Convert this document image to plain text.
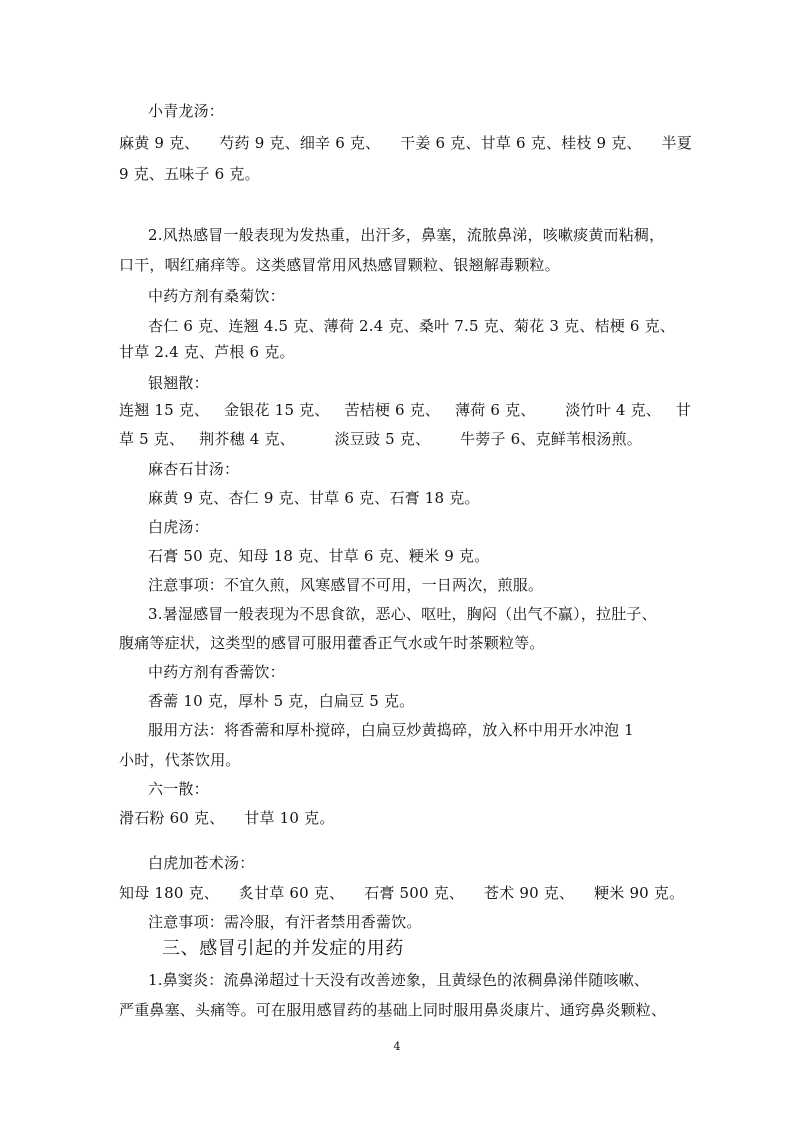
小青龙汤：
麻黄 9 克、    芍药 9 克、细辛 6 克、    干姜 6 克、甘草 6 克、桂枝 9 克、    半夏
9 克、五味子 6 克。
2.风热感冒一般表现为发热重，出汗多，鼻塞，流脓鼻涕，咳嗽痰黄而粘稠，
口干，咽红痛痒等。这类感冒常用风热感冒颗粒、银翘解毒颗粒。
中药方剂有桑菊饮：
杏仁 6 克、连翘 4.5 克、薄荷 2.4 克、桑叶 7.5 克、菊花 3 克、桔梗 6 克、
甘草 2.4 克、芦根 6 克。
银翘散：
连翘 15 克、   金银花 15 克、   苦桔梗 6 克、   薄荷 6 克、      淡竹叶 4 克、   甘
草 5 克、   荆芥穗 4 克、        淡豆豉 5 克、      牛蒡子 6、克鲜苇根汤煎。
麻杏石甘汤：
麻黄 9 克、杏仁 9 克、甘草 6 克、石膏 18 克。
白虎汤：
石膏 50 克、知母 18 克、甘草 6 克、粳米 9 克。
注意事项：不宜久煎，风寒感冒不可用，一日两次，煎服。
3.暑湿感冒一般表现为不思食欲，恶心、呕吐，胸闷（出气不赢），拉肚子、
腹痛等症状，这类型的感冒可服用藿香正气水或午时茶颗粒等。
中药方剂有香薷饮：
香薷 10 克，厚朴 5 克，白扁豆 5 克。
服用方法：将香薷和厚朴搅碎，白扁豆炒黄捣碎，放入杯中用开水冲泡 1
小时，代茶饮用。
六一散：
滑石粉 60 克、    甘草 10 克。
白虎加苍术汤：
知母 180 克、    炙甘草 60 克、    石膏 500 克、    苍术 90 克、    粳米 90 克。
注意事项：需冷服，有汗者禁用香薷饮。
三、感冒引起的并发症的用药
1.鼻窦炎：流鼻涕超过十天没有改善迹象，且黄绿色的浓稠鼻涕伴随咳嗽、
严重鼻塞、头痛等。可在服用感冒药的基础上同时服用鼻炎康片、通窍鼻炎颗粒、
4
